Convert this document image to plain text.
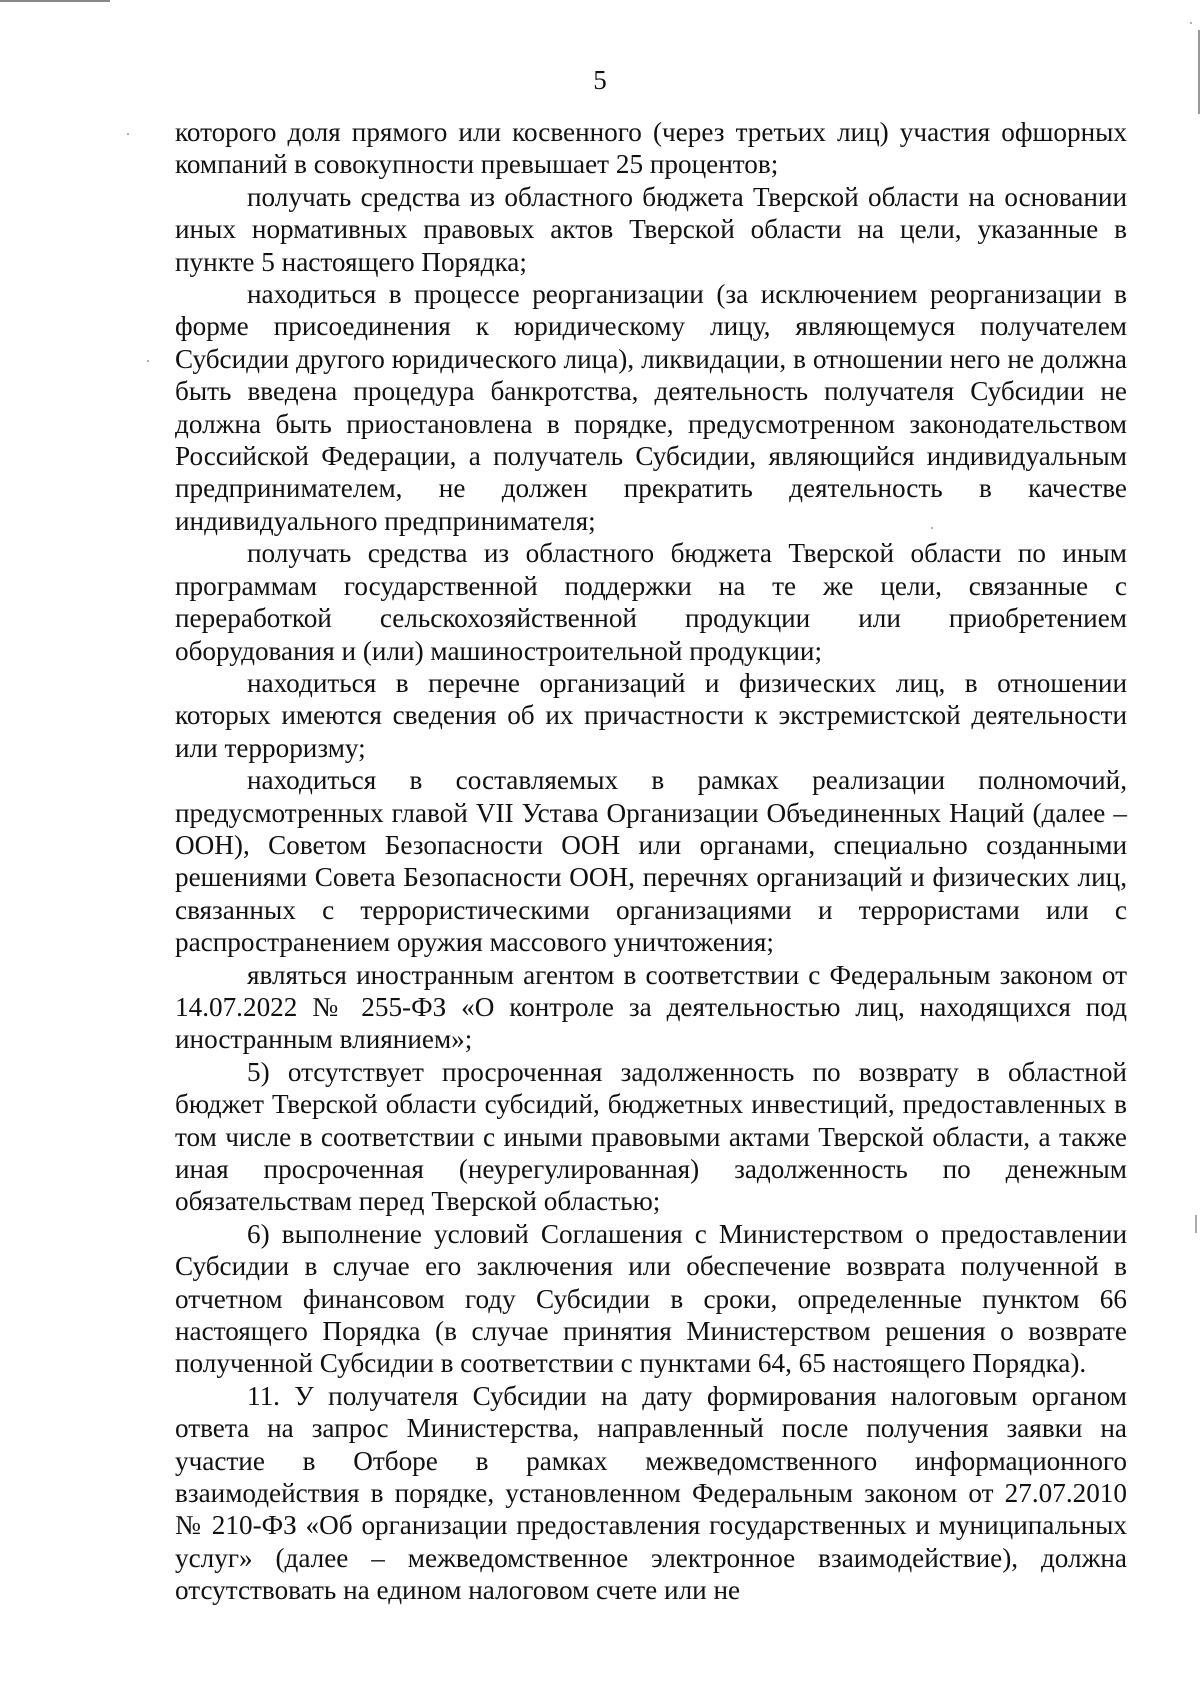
5

которого доля прямого или косвенного (через третьих лиц) участия офшорных компаний в совокупности превышает 25 процентов;

получать средства из областного бюджета Тверской области на основании иных нормативных правовых актов Тверской области на цели, указанные в пункте 5 настоящего Порядка;

находиться в процессе реорганизации (за исключением реорганизации в форме присоединения к юридическому лицу, являющемуся получателем Субсидии другого юридического лица), ликвидации, в отношении него не должна быть введена процедура банкротства, деятельность получателя Субсидии не должна быть приостановлена в порядке, предусмотренном законодательством Российской Федерации, а получатель Субсидии, являющийся индивидуальным предпринимателем, не должен прекратить деятельность в качестве индивидуального предпринимателя;

получать средства из областного бюджета Тверской области по иным программам государственной поддержки на те же цели, связанные с переработкой сельскохозяйственной продукции или приобретением оборудования и (или) машиностроительной продукции;

находиться в перечне организаций и физических лиц, в отношении которых имеются сведения об их причастности к экстремистской деятельности или терроризму;

находиться в составляемых в рамках реализации полномочий, предусмотренных главой VII Устава Организации Объединенных Наций (далее – ООН), Советом Безопасности ООН или органами, специально созданными решениями Совета Безопасности ООН, перечнях организаций и физических лиц, связанных с террористическими организациями и террористами или с распространением оружия массового уничтожения;

являться иностранным агентом в соответствии с Федеральным законом от 14.07.2022 № 255-ФЗ «О контроле за деятельностью лиц, находящихся под иностранным влиянием»;

5) отсутствует просроченная задолженность по возврату в областной бюджет Тверской области субсидий, бюджетных инвестиций, предоставленных в том числе в соответствии с иными правовыми актами Тверской области, а также иная просроченная (неурегулированная) задолженность по денежным обязательствам перед Тверской областью;

6) выполнение условий Соглашения с Министерством о предоставлении Субсидии в случае его заключения или обеспечение возврата полученной в отчетном финансовом году Субсидии в сроки, определенные пунктом 66 настоящего Порядка (в случае принятия Министерством решения о возврате полученной Субсидии в соответствии с пунктами 64, 65 настоящего Порядка).

11. У получателя Субсидии на дату формирования налоговым органом ответа на запрос Министерства, направленный после получения заявки на участие в Отборе в рамках межведомственного информационного взаимодействия в порядке, установленном Федеральным законом от 27.07.2010 № 210-ФЗ «Об организации предоставления государственных и муниципальных услуг» (далее – межведомственное электронное взаимодействие), должна отсутствовать на едином налоговом счете или не
